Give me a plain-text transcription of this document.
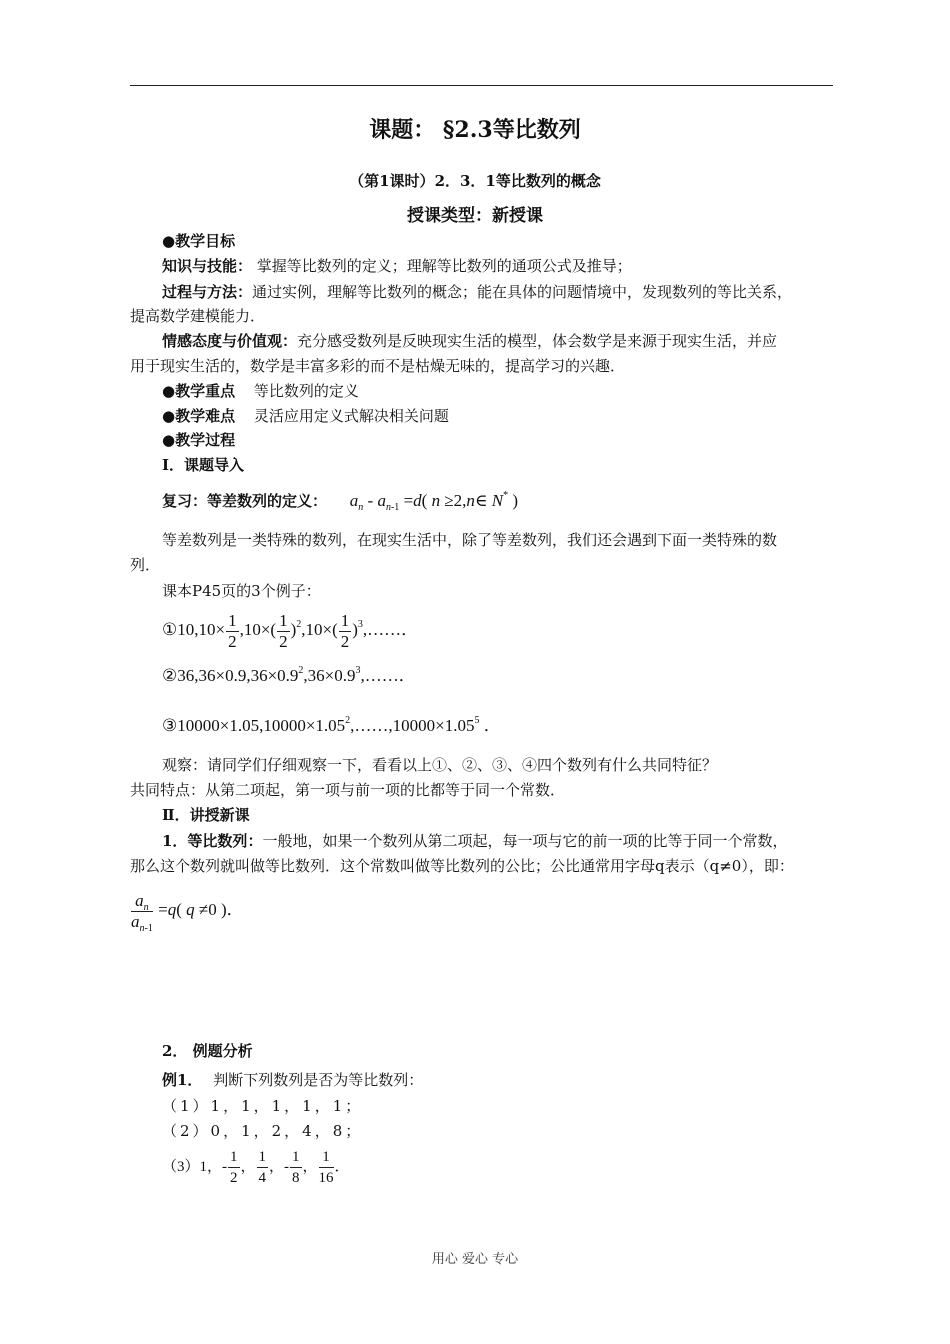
课题： §2.3等比数列
（第1课时）2．3．1等比数列的概念
授课类型：新授课
●教学目标
知识与技能： 掌握等比数列的定义；理解等比数列的通项公式及推导；
过程与方法：通过实例，理解等比数列的概念；能在具体的问题情境中，发现数列的等比关系，
提高数学建模能力．
情感态度与价值观：充分感受数列是反映现实生活的模型，体会数学是来源于现实生活，并应
用于现实生活的，数学是丰富多彩的而不是枯燥无味的，提高学习的兴趣．
●教学重点 等比数列的定义
●教学难点 灵活应用定义式解决相关问题
●教学过程
Ⅰ．课题导入
复习：等差数列的定义： $a_n - a_{n-1} =d$( n ≥2,n∈ N* )
等差数列是一类特殊的数列，在现实生活中，除了等差数列，我们还会遇到下面一类特殊的数
列．
课本P45页的3个例子：
①10,10× $\frac{1}{2} ,10\times( \frac{1}{2} )^2,10\times( \frac{1}{2}$ )$^3,\dots\dots$．
$②36,36\times 0.9,36\times 0.9^2,36\times 0.9^3,\dots\dots$．
$③10000\times 1.05,10000\times 1.05^2,\dots\dots,10000\times 1.05^5$ ．
观察：请同学们仔细观察一下，看看以上①、②、③、④四个数列有什么共同特征？
共同特点：从第二项起，第一项与前一项的比都等于同一个常数．
Ⅱ．讲授新课
1．等比数列：一般地，如果一个数列从第二项起，每一项与它的前一项的比等于同一个常数，
那么这个数列就叫做等比数列．这个常数叫做等比数列的公比；公比通常用字母q表示（q≠0），即：
$\frac{a_n}{a_{n-1}} =q$( q ≠0 )．
2． 例题分析
例1． 判断下列数列是否为等比数列：
（1）1，1，1，1，1；
（2）0，1，2，4，8；
（3）1，- $\frac{1}{2}$ ， $\frac{1}{4}$ ，- $\frac{1}{8}$ ， $\frac{1}{16}$ ．
用心 爱心 专心
